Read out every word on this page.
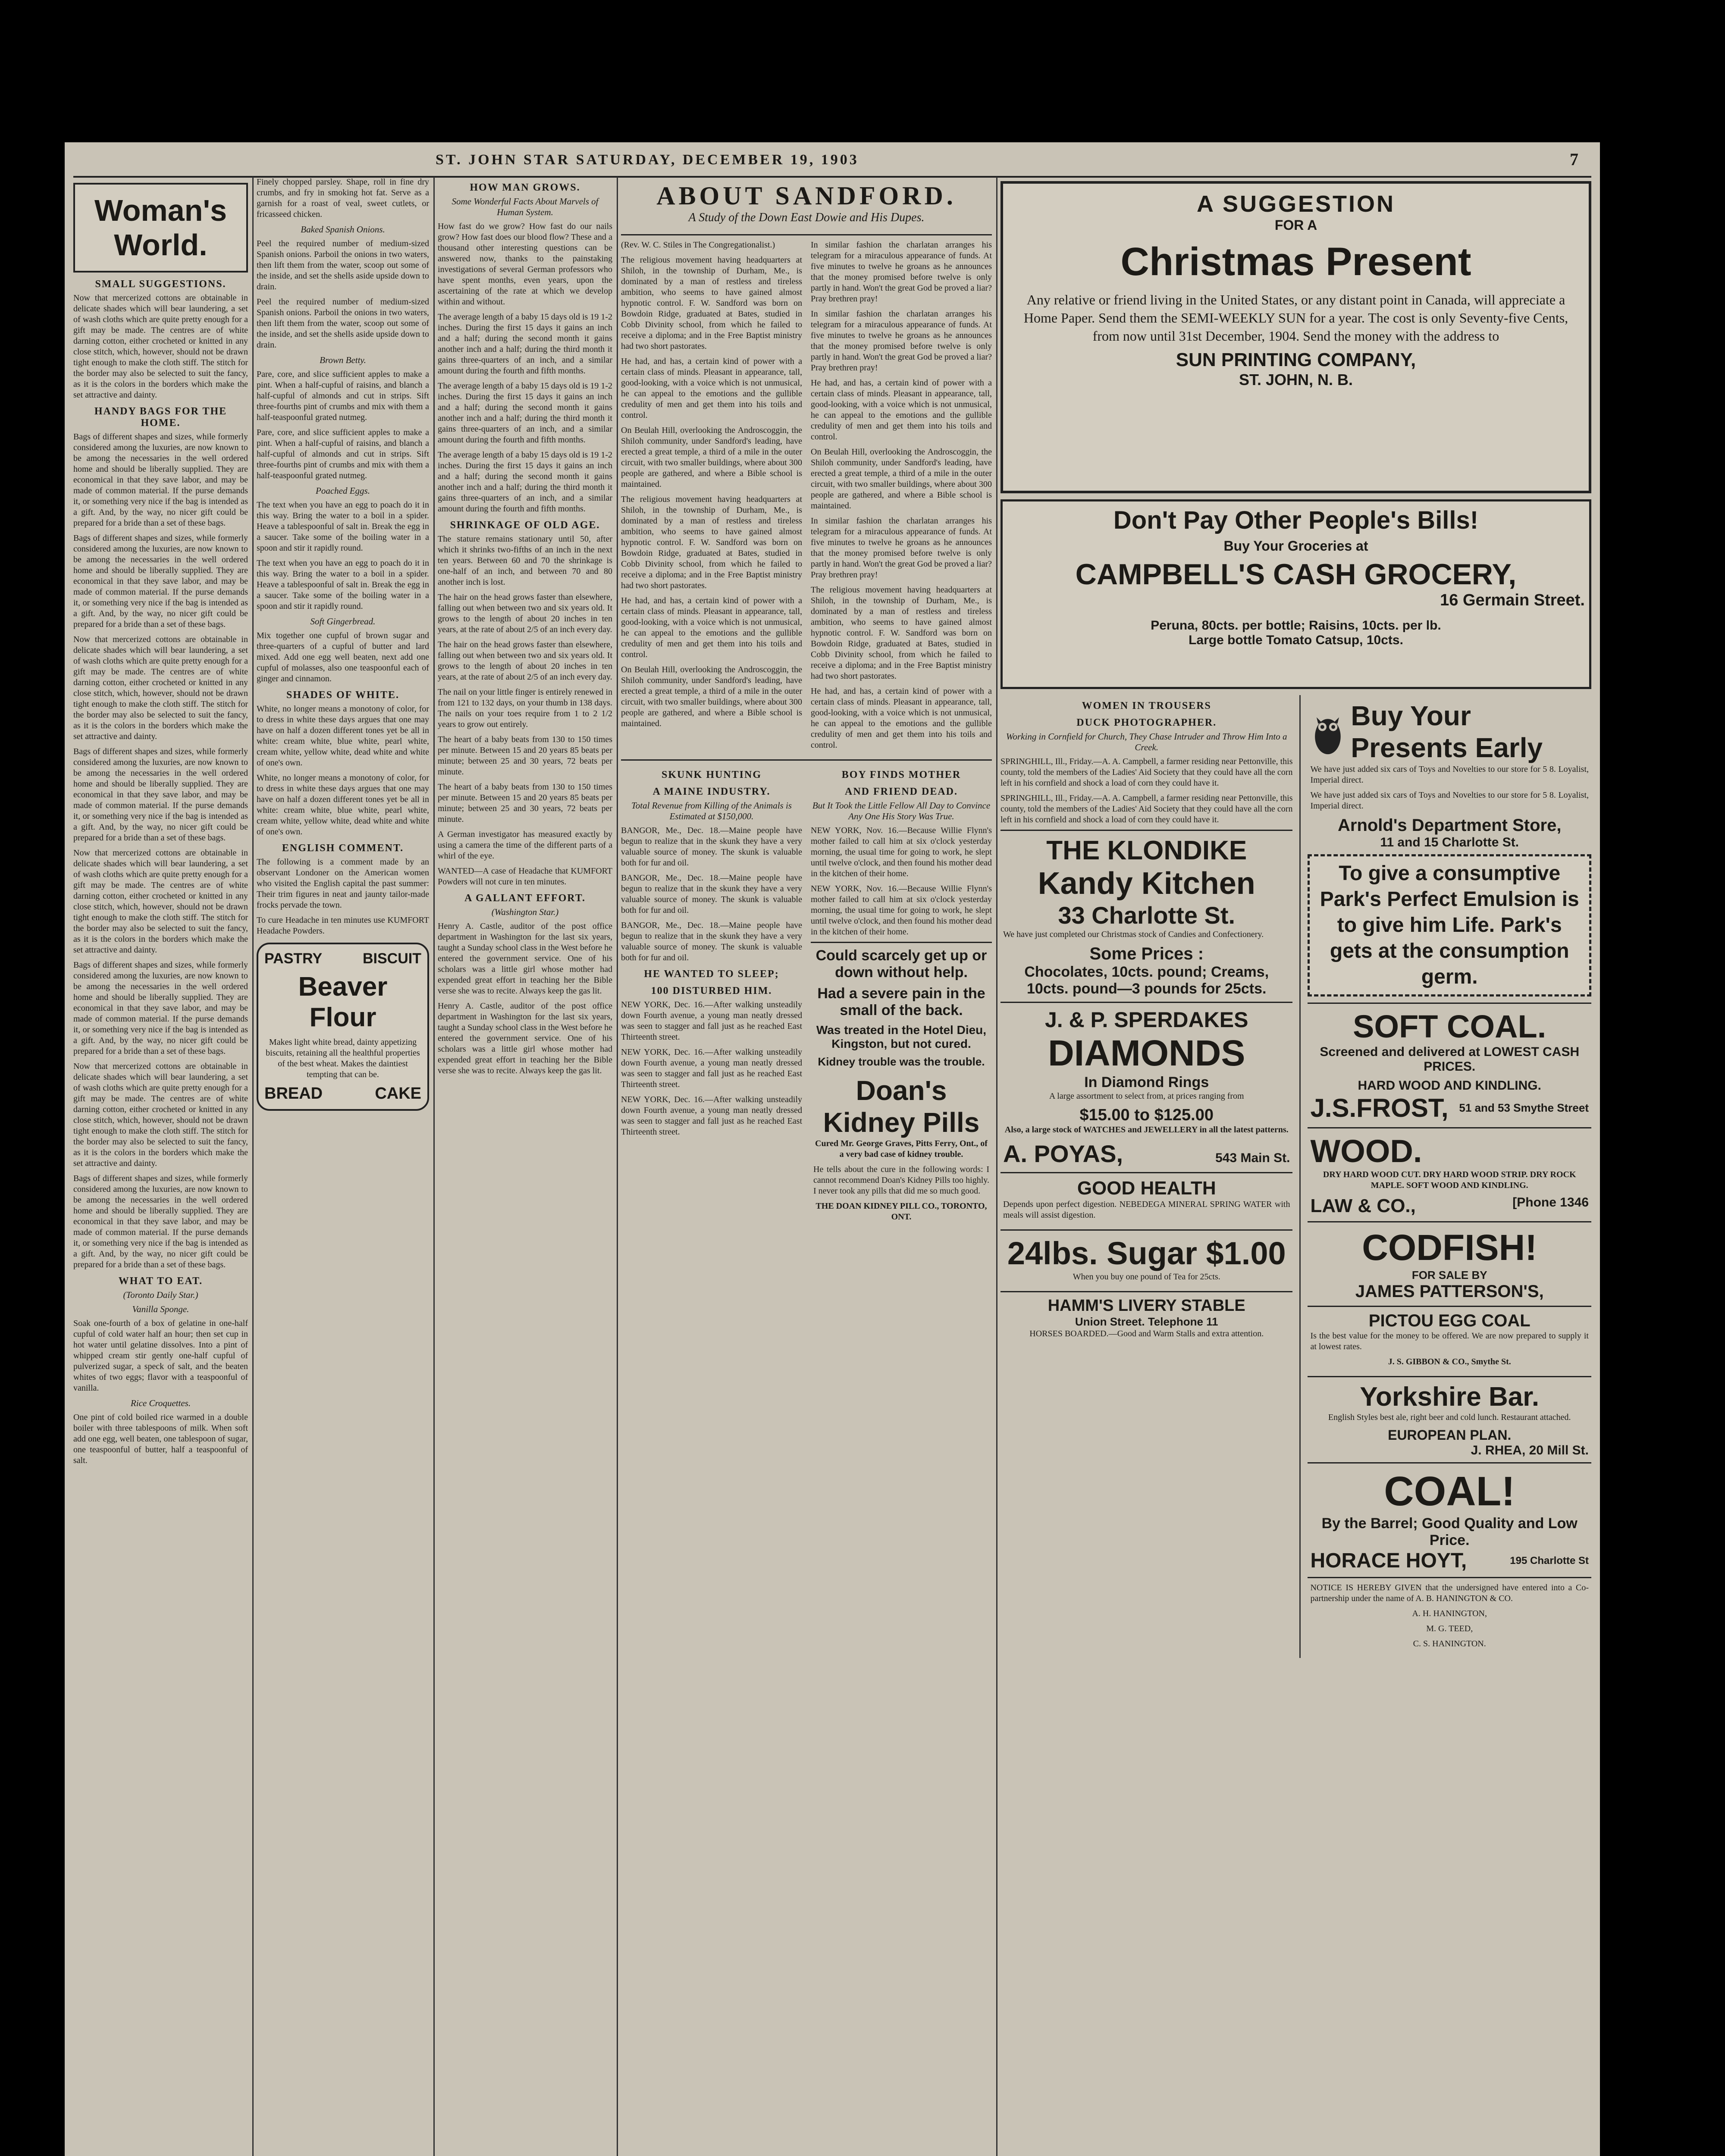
ST. JOHN STAR SATURDAY, DECEMBER 19, 1903	7
Woman's World.
SMALL SUGGESTIONS.

Now that mercerized cottons are obtainable in delicate shades which will bear laundering, a set of wash cloths which are quite pretty enough for a gift may be made. The centres are of white darning cotton, either crocheted or knitted in any close stitch, which, however, should not be drawn tight enough to make the cloth stiff. The stitch for the border may also be selected to suit the fancy, as it is the colors in the borders which make the set attractive and dainty.

HANDY BAGS FOR THE HOME.

Bags of different shapes and sizes, while formerly considered among the luxuries, are now known to be among the necessaries in the well ordered home and should be liberally supplied. They are economical in that they save labor, and may be made of common material. If the purse demands it, or something very nice if the bag is intended as a gift. And, by the way, no nicer gift could be prepared for a bride than a set of these bags.

Bags of different shapes and sizes, while formerly considered among the luxuries, are now known to be among the necessaries in the well ordered home and should be liberally supplied. They are economical in that they save labor, and may be made of common material. If the purse demands it, or something very nice if the bag is intended as a gift. And, by the way, no nicer gift could be prepared for a bride than a set of these bags.

Now that mercerized cottons are obtainable in delicate shades which will bear laundering, a set of wash cloths which are quite pretty enough for a gift may be made. The centres are of white darning cotton, either crocheted or knitted in any close stitch, which, however, should not be drawn tight enough to make the cloth stiff. The stitch for the border may also be selected to suit the fancy, as it is the colors in the borders which make the set attractive and dainty.

Bags of different shapes and sizes, while formerly considered among the luxuries, are now known to be among the necessaries in the well ordered home and should be liberally supplied. They are economical in that they save labor, and may be made of common material. If the purse demands it, or something very nice if the bag is intended as a gift. And, by the way, no nicer gift could be prepared for a bride than a set of these bags.

Now that mercerized cottons are obtainable in delicate shades which will bear laundering, a set of wash cloths which are quite pretty enough for a gift may be made. The centres are of white darning cotton, either crocheted or knitted in any close stitch, which, however, should not be drawn tight enough to make the cloth stiff. The stitch for the border may also be selected to suit the fancy, as it is the colors in the borders which make the set attractive and dainty.

Bags of different shapes and sizes, while formerly considered among the luxuries, are now known to be among the necessaries in the well ordered home and should be liberally supplied. They are economical in that they save labor, and may be made of common material. If the purse demands it, or something very nice if the bag is intended as a gift. And, by the way, no nicer gift could be prepared for a bride than a set of these bags.

Now that mercerized cottons are obtainable in delicate shades which will bear laundering, a set of wash cloths which are quite pretty enough for a gift may be made. The centres are of white darning cotton, either crocheted or knitted in any close stitch, which, however, should not be drawn tight enough to make the cloth stiff. The stitch for the border may also be selected to suit the fancy, as it is the colors in the borders which make the set attractive and dainty.

Bags of different shapes and sizes, while formerly considered among the luxuries, are now known to be among the necessaries in the well ordered home and should be liberally supplied. They are economical in that they save labor, and may be made of common material. If the purse demands it, or something very nice if the bag is intended as a gift. And, by the way, no nicer gift could be prepared for a bride than a set of these bags.

WHAT TO EAT.
(Toronto Daily Star.)
Vanilla Sponge.

Soak one-fourth of a box of gelatine in one-half cupful of cold water half an hour; then set cup in hot water until gelatine dissolves. Into a pint of whipped cream stir gently one-half cupful of pulverized sugar, a speck of salt, and the beaten whites of two eggs; flavor with a teaspoonful of vanilla.

Rice Croquettes.

One pint of cold boiled rice warmed in a double boiler with three tablespoons of milk. When soft add one egg, well beaten, one tablespoon of sugar, one teaspoonful of butter, half a teaspoonful of salt.

Finely chopped parsley. Shape, roll in fine dry crumbs, and fry in smoking hot fat. Serve as a garnish for a roast of veal, sweet cutlets, or fricasseed chicken.

Baked Spanish Onions.

Peel the required number of medium-sized Spanish onions. Parboil the onions in two waters, then lift them from the water, scoop out some of the inside, and set the shells aside upside down to drain.

Peel the required number of medium-sized Spanish onions. Parboil the onions in two waters, then lift them from the water, scoop out some of the inside, and set the shells aside upside down to drain.

Brown Betty.

Pare, core, and slice sufficient apples to make a pint. When a half-cupful of raisins, and blanch a half-cupful of almonds and cut in strips. Sift three-fourths pint of crumbs and mix with them a half-teaspoonful grated nutmeg.

Pare, core, and slice sufficient apples to make a pint. When a half-cupful of raisins, and blanch a half-cupful of almonds and cut in strips. Sift three-fourths pint of crumbs and mix with them a half-teaspoonful grated nutmeg.

Poached Eggs.

The text when you have an egg to poach do it in this way. Bring the water to a boil in a spider. Heave a tablespoonful of salt in. Break the egg in a saucer. Take some of the boiling water in a spoon and stir it rapidly round.

The text when you have an egg to poach do it in this way. Bring the water to a boil in a spider. Heave a tablespoonful of salt in. Break the egg in a saucer. Take some of the boiling water in a spoon and stir it rapidly round.

Soft Gingerbread.

Mix together one cupful of brown sugar and three-quarters of a cupful of butter and lard mixed. Add one egg well beaten, next add one cupful of molasses, also one teaspoonful each of ginger and cinnamon.

SHADES OF WHITE.

White, no longer means a monotony of color, for to dress in white these days argues that one may have on half a dozen different tones yet be all in white: cream white, blue white, pearl white, cream white, yellow white, dead white and white of one's own.

White, no longer means a monotony of color, for to dress in white these days argues that one may have on half a dozen different tones yet be all in white: cream white, blue white, pearl white, cream white, yellow white, dead white and white of one's own.

ENGLISH COMMENT.

The following is a comment made by an observant Londoner on the American women who visited the English capital the past summer: Their trim figures in neat and jaunty tailor-made frocks pervade the town.

To cure Headache in ten minutes use KUMFORT Headache Powders.

PASTRY	BISCUIT
Beaver Flour

Makes light white bread, dainty appetizing biscuits, retaining all the healthful properties of the best wheat. Makes the daintiest tempting that can be.

BREAD	CAKE
HOW MAN GROWS.
Some Wonderful Facts About Marvels of Human System.

How fast do we grow? How fast do our nails grow? How fast does our blood flow? These and a thousand other interesting questions can be answered now, thanks to the painstaking investigations of several German professors who have spent months, even years, upon the ascertaining of the rate at which we develop within and without.

The average length of a baby 15 days old is 19 1-2 inches. During the first 15 days it gains an inch and a half; during the second month it gains another inch and a half; during the third month it gains three-quarters of an inch, and a similar amount during the fourth and fifth months.

The average length of a baby 15 days old is 19 1-2 inches. During the first 15 days it gains an inch and a half; during the second month it gains another inch and a half; during the third month it gains three-quarters of an inch, and a similar amount during the fourth and fifth months.

The average length of a baby 15 days old is 19 1-2 inches. During the first 15 days it gains an inch and a half; during the second month it gains another inch and a half; during the third month it gains three-quarters of an inch, and a similar amount during the fourth and fifth months.

SHRINKAGE OF OLD AGE.

The stature remains stationary until 50, after which it shrinks two-fifths of an inch in the next ten years. Between 60 and 70 the shrinkage is one-half of an inch, and between 70 and 80 another inch is lost.

The hair on the head grows faster than elsewhere, falling out when between two and six years old. It grows to the length of about 20 inches in ten years, at the rate of about 2/5 of an inch every day.

The hair on the head grows faster than elsewhere, falling out when between two and six years old. It grows to the length of about 20 inches in ten years, at the rate of about 2/5 of an inch every day.

The nail on your little finger is entirely renewed in from 121 to 132 days, on your thumb in 138 days. The nails on your toes require from 1 to 2 1/2 years to grow out entirely.

The heart of a baby beats from 130 to 150 times per minute. Between 15 and 20 years 85 beats per minute; between 25 and 30 years, 72 beats per minute.

The heart of a baby beats from 130 to 150 times per minute. Between 15 and 20 years 85 beats per minute; between 25 and 30 years, 72 beats per minute.

A German investigator has measured exactly by using a camera the time of the different parts of a whirl of the eye.

WANTED—A case of Headache that KUMFORT Powders will not cure in ten minutes.

A GALLANT EFFORT.
(Washington Star.)

Henry A. Castle, auditor of the post office department in Washington for the last six years, taught a Sunday school class in the West before he entered the government service. One of his scholars was a little girl whose mother had expended great effort in teaching her the Bible verse she was to recite. Always keep the gas lit.

Henry A. Castle, auditor of the post office department in Washington for the last six years, taught a Sunday school class in the West before he entered the government service. One of his scholars was a little girl whose mother had expended great effort in teaching her the Bible verse she was to recite. Always keep the gas lit.

ABOUT SANDFORD.
A Study of the Down East Dowie and His Dupes.

(Rev. W. C. Stiles in The Congregationalist.)

The religious movement having headquarters at Shiloh, in the township of Durham, Me., is dominated by a man of restless and tireless ambition, who seems to have gained almost hypnotic control. F. W. Sandford was born on Bowdoin Ridge, graduated at Bates, studied in Cobb Divinity school, from which he failed to receive a diploma; and in the Free Baptist ministry had two short pastorates.

He had, and has, a certain kind of power with a certain class of minds. Pleasant in appearance, tall, good-looking, with a voice which is not unmusical, he can appeal to the emotions and the gullible credulity of men and get them into his toils and control.

On Beulah Hill, overlooking the Androscoggin, the Shiloh community, under Sandford's leading, have erected a great temple, a third of a mile in the outer circuit, with two smaller buildings, where about 300 people are gathered, and where a Bible school is maintained.

The religious movement having headquarters at Shiloh, in the township of Durham, Me., is dominated by a man of restless and tireless ambition, who seems to have gained almost hypnotic control. F. W. Sandford was born on Bowdoin Ridge, graduated at Bates, studied in Cobb Divinity school, from which he failed to receive a diploma; and in the Free Baptist ministry had two short pastorates.

He had, and has, a certain kind of power with a certain class of minds. Pleasant in appearance, tall, good-looking, with a voice which is not unmusical, he can appeal to the emotions and the gullible credulity of men and get them into his toils and control.

On Beulah Hill, overlooking the Androscoggin, the Shiloh community, under Sandford's leading, have erected a great temple, a third of a mile in the outer circuit, with two smaller buildings, where about 300 people are gathered, and where a Bible school is maintained.

In similar fashion the charlatan arranges his telegram for a miraculous appearance of funds. At five minutes to twelve he groans as he announces that the money promised before twelve is only partly in hand. Won't the great God be proved a liar? Pray brethren pray!

In similar fashion the charlatan arranges his telegram for a miraculous appearance of funds. At five minutes to twelve he groans as he announces that the money promised before twelve is only partly in hand. Won't the great God be proved a liar? Pray brethren pray!

He had, and has, a certain kind of power with a certain class of minds. Pleasant in appearance, tall, good-looking, with a voice which is not unmusical, he can appeal to the emotions and the gullible credulity of men and get them into his toils and control.

On Beulah Hill, overlooking the Androscoggin, the Shiloh community, under Sandford's leading, have erected a great temple, a third of a mile in the outer circuit, with two smaller buildings, where about 300 people are gathered, and where a Bible school is maintained.

In similar fashion the charlatan arranges his telegram for a miraculous appearance of funds. At five minutes to twelve he groans as he announces that the money promised before twelve is only partly in hand. Won't the great God be proved a liar? Pray brethren pray!

The religious movement having headquarters at Shiloh, in the township of Durham, Me., is dominated by a man of restless and tireless ambition, who seems to have gained almost hypnotic control. F. W. Sandford was born on Bowdoin Ridge, graduated at Bates, studied in Cobb Divinity school, from which he failed to receive a diploma; and in the Free Baptist ministry had two short pastorates.

He had, and has, a certain kind of power with a certain class of minds. Pleasant in appearance, tall, good-looking, with a voice which is not unmusical, he can appeal to the emotions and the gullible credulity of men and get them into his toils and control.

SKUNK HUNTING
A MAINE INDUSTRY.
Total Revenue from Killing of the Animals is Estimated at $150,000.

BANGOR, Me., Dec. 18.—Maine people have begun to realize that in the skunk they have a very valuable source of money. The skunk is valuable both for fur and oil.

BANGOR, Me., Dec. 18.—Maine people have begun to realize that in the skunk they have a very valuable source of money. The skunk is valuable both for fur and oil.

BANGOR, Me., Dec. 18.—Maine people have begun to realize that in the skunk they have a very valuable source of money. The skunk is valuable both for fur and oil.

HE WANTED TO SLEEP;
100 DISTURBED HIM.

NEW YORK, Dec. 16.—After walking unsteadily down Fourth avenue, a young man neatly dressed was seen to stagger and fall just as he reached East Thirteenth street.

NEW YORK, Dec. 16.—After walking unsteadily down Fourth avenue, a young man neatly dressed was seen to stagger and fall just as he reached East Thirteenth street.

NEW YORK, Dec. 16.—After walking unsteadily down Fourth avenue, a young man neatly dressed was seen to stagger and fall just as he reached East Thirteenth street.

BOY FINDS MOTHER
AND FRIEND DEAD.
But It Took the Little Fellow All Day to Convince Any One His Story Was True.

NEW YORK, Nov. 16.—Because Willie Flynn's mother failed to call him at six o'clock yesterday morning, the usual time for going to work, he slept until twelve o'clock, and then found his mother dead in the kitchen of their home.

NEW YORK, Nov. 16.—Because Willie Flynn's mother failed to call him at six o'clock yesterday morning, the usual time for going to work, he slept until twelve o'clock, and then found his mother dead in the kitchen of their home.

Could scarcely get up or down without help.
Had a severe pain in the small of the back.
Was treated in the Hotel Dieu, Kingston, but not cured.
Kidney trouble was the trouble.
Doan's Kidney Pills

Cured Mr. George Graves, Pitts Ferry, Ont., of a very bad case of kidney trouble.

He tells about the cure in the following words: I cannot recommend Doan's Kidney Pills too highly. I never took any pills that did me so much good.

THE DOAN KIDNEY PILL CO., TORONTO, ONT.

A SUGGESTION
FOR A
Christmas Present

Any relative or friend living in the United States, or any distant point in Canada, will appreciate a Home Paper. Send them the SEMI-WEEKLY SUN for a year. The cost is only Seventy-five Cents, from now until 31st December, 1904. Send the money with the address to

SUN PRINTING COMPANY,
ST. JOHN, N. B.
Don't Pay Other People's Bills!
Buy Your Groceries at
CAMPBELL'S CASH GROCERY,
16 Germain Street.
Peruna, 80cts. per bottle; Raisins, 10cts. per lb.
Large bottle Tomato Catsup, 10cts.
WOMEN IN TROUSERS
DUCK PHOTOGRAPHER.
Working in Cornfield for Church, They Chase Intruder and Throw Him Into a Creek.

SPRINGHILL, Ill., Friday.—A. A. Campbell, a farmer residing near Pettonville, this county, told the members of the Ladies' Aid Society that they could have all the corn left in his cornfield and shock a load of corn they could have it.

SPRINGHILL, Ill., Friday.—A. A. Campbell, a farmer residing near Pettonville, this county, told the members of the Ladies' Aid Society that they could have all the corn left in his cornfield and shock a load of corn they could have it.

THE KLONDIKE
Kandy Kitchen
33 Charlotte St.

We have just completed our Christmas stock of Candies and Confectionery.

Some Prices :
Chocolates, 10cts. pound; Creams, 10cts. pound—3 pounds for 25cts.
J. & P. SPERDAKES
DIAMONDS
In Diamond Rings

A large assortment to select from, at prices ranging from

$15.00 to $125.00

Also, a large stock of WATCHES and JEWELLERY in all the latest patterns.

A. POYAS,	543 Main St.
GOOD HEALTH

Depends upon perfect digestion. NEBEDEGA MINERAL SPRING WATER with meals will assist digestion.

24lbs. Sugar $1.00

When you buy one pound of Tea for 25cts.

HAMM'S LIVERY STABLE
Union Street. Telephone 11

HORSES BOARDED.—Good and Warm Stalls and extra attention.

Buy Your Presents Early

We have just added six cars of Toys and Novelties to our store for 5 8. Loyalist, Imperial direct.

We have just added six cars of Toys and Novelties to our store for 5 8. Loyalist, Imperial direct.

Arnold's Department Store,
11 and 15 Charlotte St.
To give a consumptive Park's Perfect Emulsion is to give him Life. Park's gets at the consumption germ.
SOFT COAL.
Screened and delivered at LOWEST CASH PRICES.
HARD WOOD AND KINDLING.
J.S.FROST, 51 and 53 Smythe Street
WOOD.

DRY HARD WOOD CUT. DRY HARD WOOD STRIP. DRY ROCK MAPLE. SOFT WOOD AND KINDLING.

LAW & CO.,	[Phone 1346
CODFISH!
FOR SALE BY
JAMES PATTERSON'S,
PICTOU EGG COAL

Is the best value for the money to be offered. We are now prepared to supply it at lowest rates.

J. S. GIBBON & CO., Smythe St.

Yorkshire Bar.

English Styles best ale, right beer and cold lunch. Restaurant attached.

EUROPEAN PLAN.
J. RHEA, 20 Mill St.
COAL!
By the Barrel; Good Quality and Low Price.
HORACE HOYT,	195 Charlotte St

NOTICE IS HEREBY GIVEN that the undersigned have entered into a Co-partnership under the name of A. B. HANINGTON & CO.

A. H. HANINGTON,

M. G. TEED,

C. S. HANINGTON.
